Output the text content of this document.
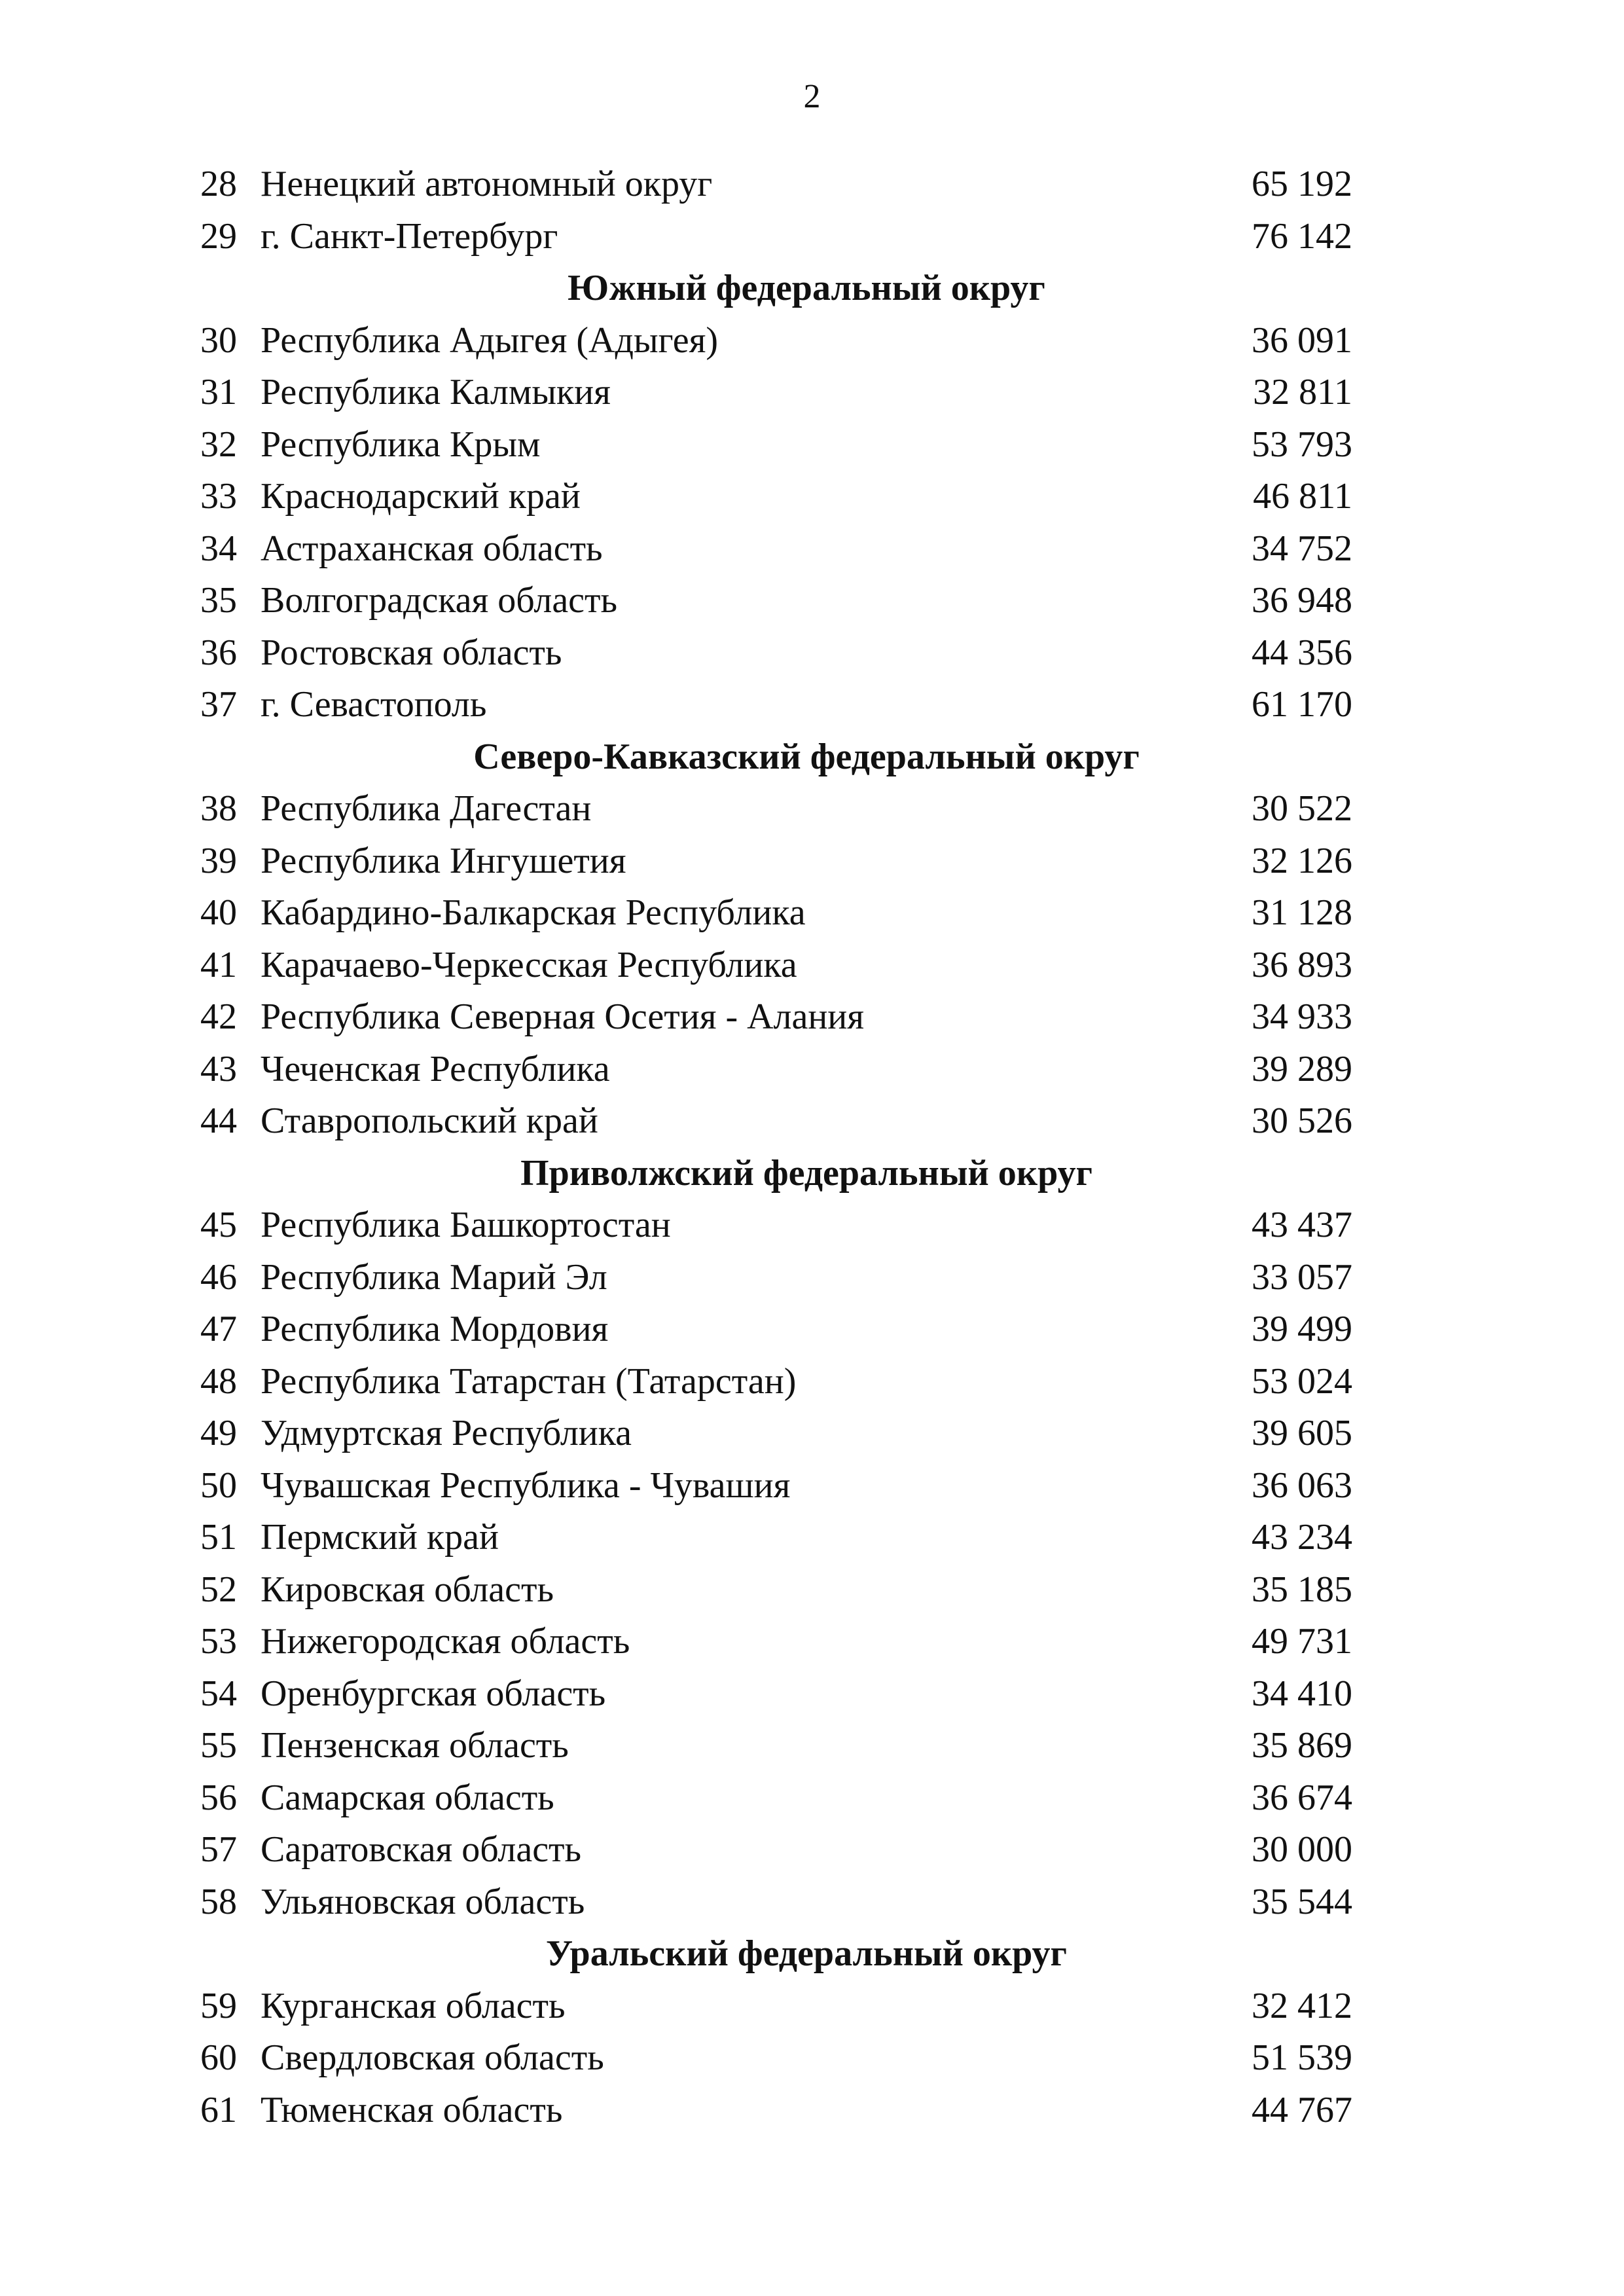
2
28 Ненецкий автономный округ	65 192
29 г. Санкт-Петербург	76 142
Южный федеральный округ
30 Республика Адыгея (Адыгея)	36 091
31 Республика Калмыкия	32 811
32 Республика Крым	53 793
33 Краснодарский край	46 811
34 Астраханская область	34 752
35 Волгоградская область	36 948
36 Ростовская область	44 356
37 г. Севастополь	61 170
Северо-Кавказский федеральный округ
38 Республика Дагестан	30 522
39 Республика Ингушетия	32 126
40 Кабардино-Балкарская Республика	31 128
41 Карачаево-Черкесская Республика	36 893
42 Республика Северная Осетия - Алания	34 933
43 Чеченская Республика	39 289
44 Ставропольский край	30 526
Приволжский федеральный округ
45 Республика Башкортостан	43 437
46 Республика Марий Эл	33 057
47 Республика Мордовия	39 499
48 Республика Татарстан (Татарстан)	53 024
49 Удмуртская Республика	39 605
50 Чувашская Республика - Чувашия	36 063
51 Пермский край	43 234
52 Кировская область	35 185
53 Нижегородская область	49 731
54 Оренбургская область	34 410
55 Пензенская область	35 869
56 Самарская область	36 674
57 Саратовская область	30 000
58 Ульяновская область	35 544
Уральский федеральный округ
59 Курганская область	32 412
60 Свердловская область	51 539
61 Тюменская область	44 767
